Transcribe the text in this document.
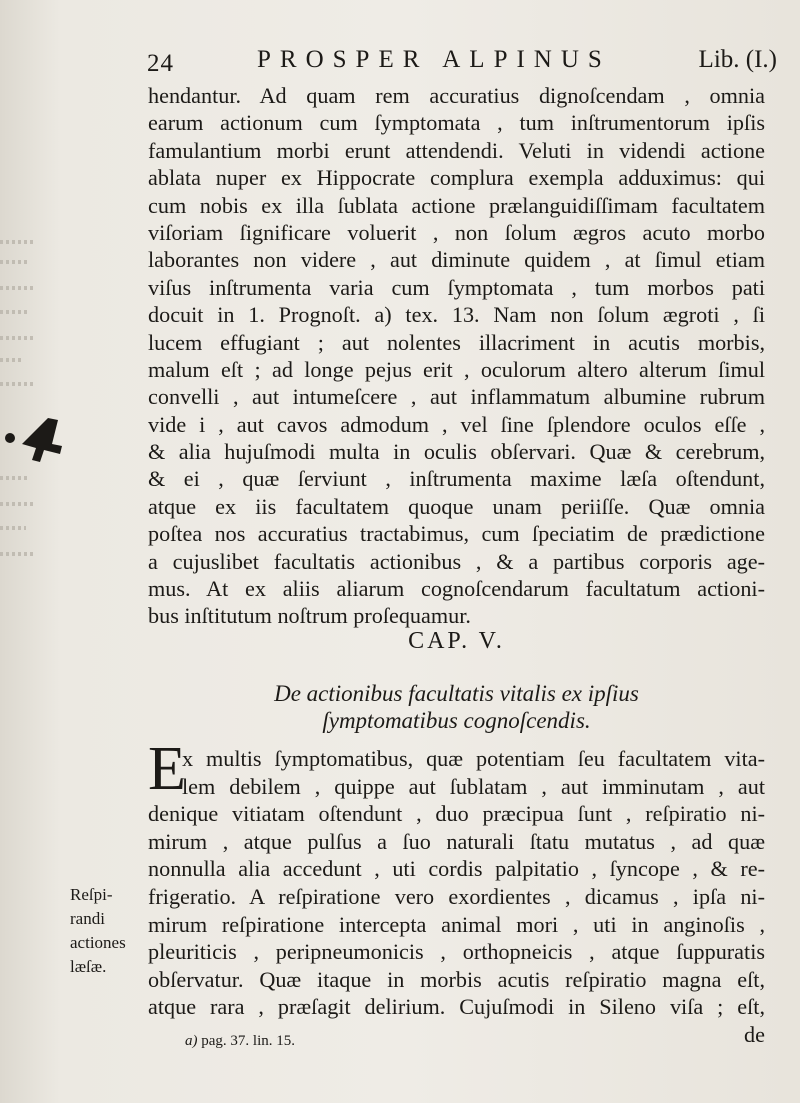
24	PROSPER ALPINUS	Lib. (I.)
hendantur. Ad quam rem accuratius dignoſcendam , omnia
earum actionum cum ſymptomata , tum inſtrumentorum ipſis
famulantium morbi erunt attendendi. Veluti in videndi actione
ablata nuper ex Hippocrate complura exempla adduximus: qui
cum nobis ex illa ſublata actione prælanguidiſſimam facultatem
viſoriam ſignificare voluerit , non ſolum ægros acuto morbo
laborantes non videre , aut diminute quidem , at ſimul etiam
viſus inſtrumenta varia cum ſymptomata , tum morbos pati
docuit in 1. Prognoſt. a) tex. 13. Nam non ſolum ægroti , ſi
lucem effugiant ; aut nolentes illacriment in acutis morbis,
malum eſt ; ad longe pejus erit , oculorum altero alterum ſimul
convelli , aut intumeſcere , aut inflammatum albumine rubrum
vide i , aut cavos admodum , vel ſine ſplendore oculos eſſe ,
& alia hujuſmodi multa in oculis obſervari. Quæ & cerebrum,
& ei , quæ ſerviunt , inſtrumenta maxime læſa oſtendunt,
atque ex iis facultatem quoque unam periiſſe. Quæ omnia
poſtea nos accuratius tractabimus, cum ſpeciatim de prædictione
a cujuslibet facultatis actionibus , & a partibus corporis age-
mus. At ex aliis aliarum cognoſcendarum facultatum actioni-
bus inſtitutum noſtrum proſequamur.
CAP. V.
De actionibus facultatis vitalis ex ipſius
ſymptomatibus cognoſcendis.
E
x multis ſymptomatibus, quæ potentiam ſeu facultatem vita-
lem debilem , quippe aut ſublatam , aut imminutam , aut
denique vitiatam oſtendunt , duo præcipua ſunt , reſpiratio ni-
mirum , atque pulſus a ſuo naturali ſtatu mutatus , ad quæ
nonnulla alia accedunt , uti cordis palpitatio , ſyncope , & re-
frigeratio. A reſpiratione vero exordientes , dicamus , ipſa ni-
mirum reſpiratione intercepta animal mori , uti in anginoſis ,
pleuriticis , peripneumonicis , orthopneicis , atque ſuppuratis
obſervatur. Quæ itaque in morbis acutis reſpiratio magna eſt,
atque rara , præſagit delirium. Cujuſmodi in Sileno viſa ; eſt,
de
Reſpi-
randi
actiones
læſæ.
a) pag. 37. lin. 15.
